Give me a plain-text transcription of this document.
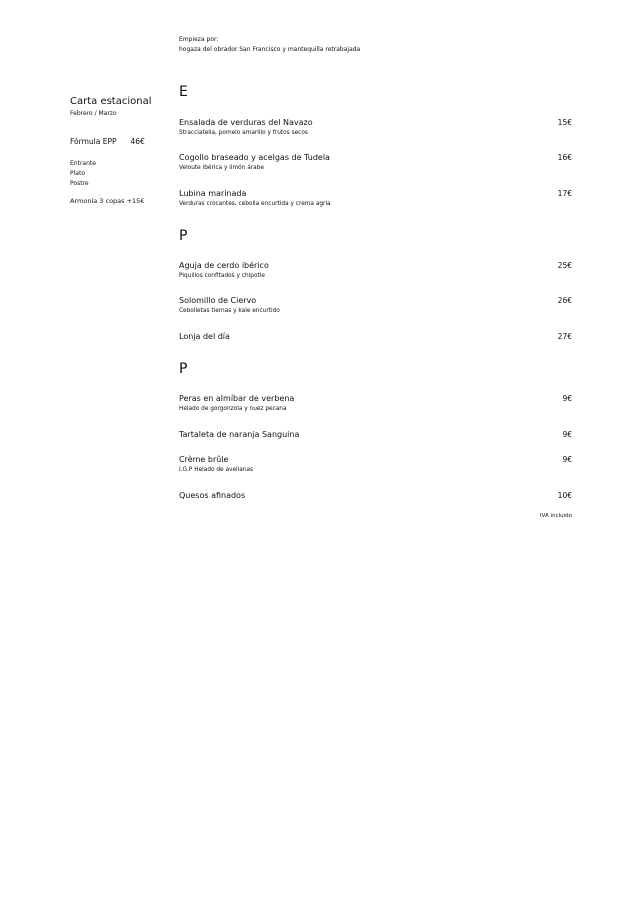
Empieza por:
hogaza del obrador San Francisco y mantequilla retrabajada
Carta estacional
Febrero / Marzo
Fórmula EPP 46€
Entrante
Plato
Postre
Armonía 3 copas +15€
E
Ensalada de verduras del Navazo
Stracciatella, pomelo amarillo y frutos secos
15€
Cogollo braseado y acelgas de Tudela
Veloute ibérica y limón árabe
16€
Lubina marinada
Verduras crocantes, cebolla encurtida y crema agria
17€
P
Aguja de cerdo ibérico
Piquillos confitados y chipotle
25€
Solomillo de Ciervo
Cebolletas tiernas y kale encurtido
26€
Lonja del día	27€
P
Peras en almíbar de verbena
Helado de gorgonzola y nuez pecana
9€
Tartaleta de naranja Sanguina	9€
Crème brûle
I.G.P Helado de avellanas
9€
Quesos afinados	10€
IVA incluido
